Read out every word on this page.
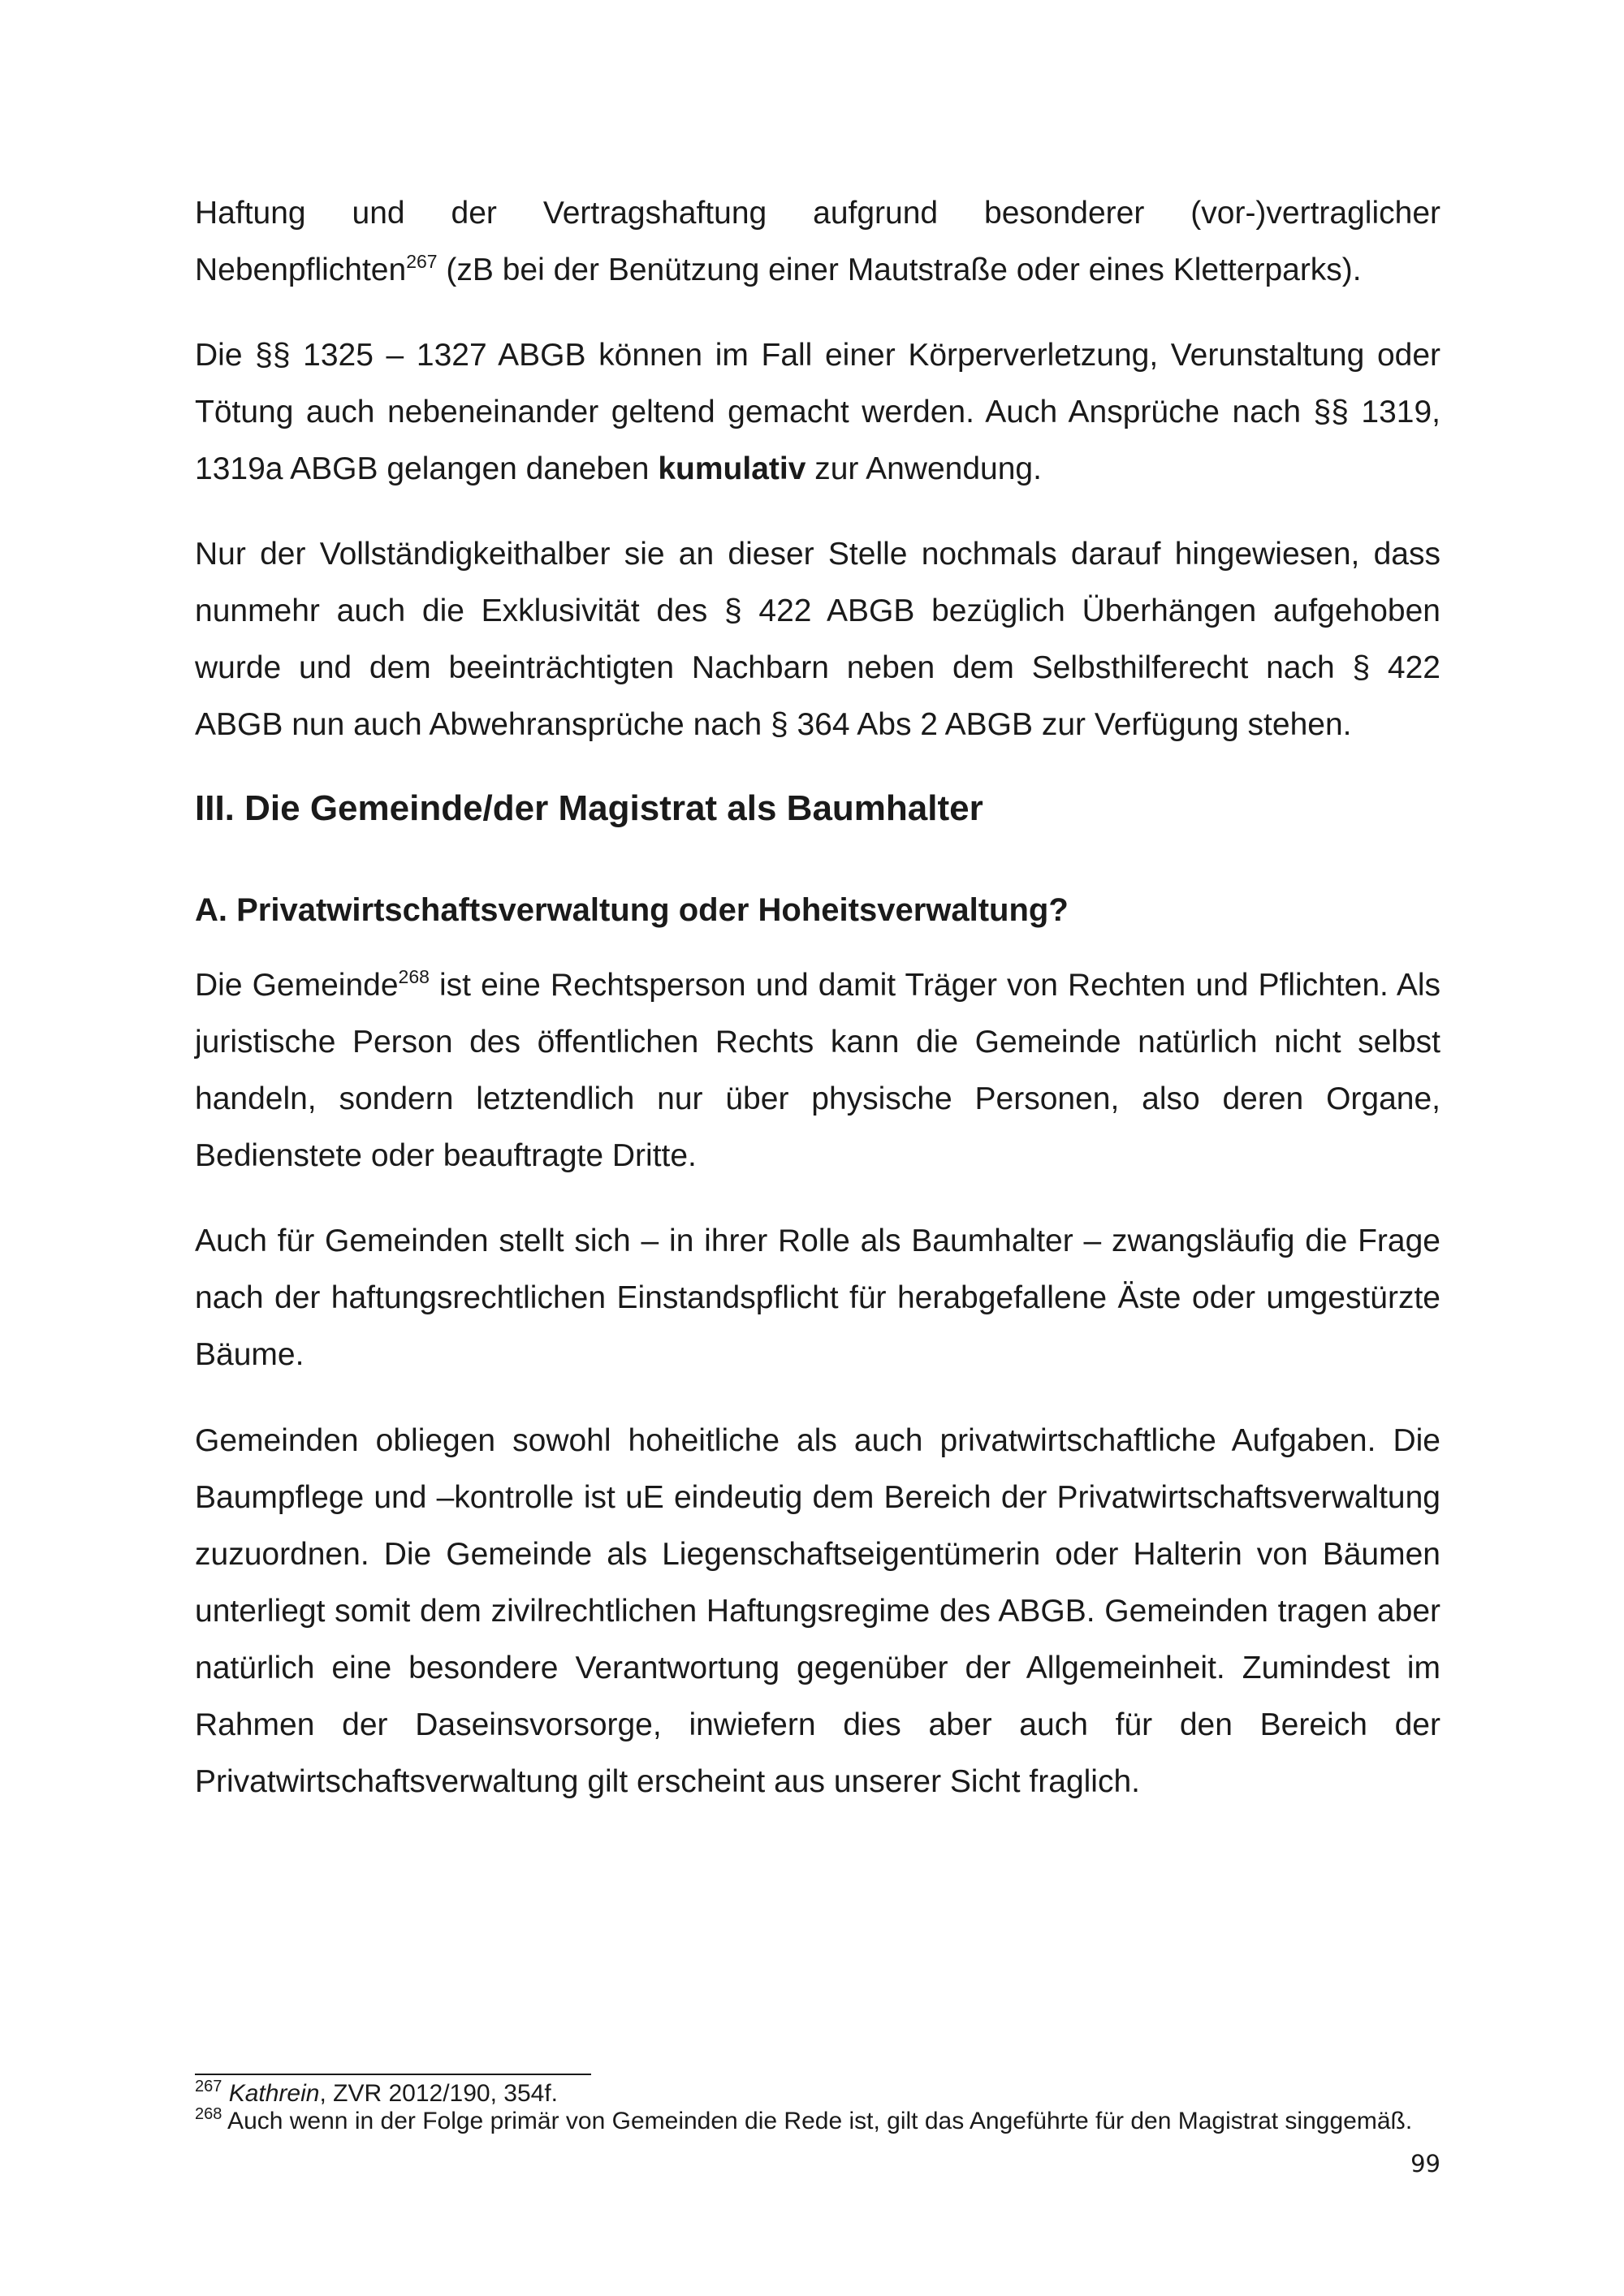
Haftung und der Vertragshaftung aufgrund besonderer (vor-)vertraglicher Nebenpflichten$^{267}$ (zB bei der Benützung einer Mautstraße oder eines Kletterparks).

Die §§ 1325 – 1327 ABGB können im Fall einer Körperverletzung, Verunstaltung oder Tötung auch nebeneinander geltend gemacht werden. Auch Ansprüche nach §§ 1319, 1319a ABGB gelangen daneben kumulativ zur Anwendung.

Nur der Vollständigkeithalber sie an dieser Stelle nochmals darauf hingewiesen, dass nunmehr auch die Exklusivität des § 422 ABGB bezüglich Überhängen aufgehoben wurde und dem beeinträchtigten Nachbarn neben dem Selbsthilferecht nach § 422 ABGB nun auch Abwehransprüche nach § 364 Abs 2 ABGB zur Verfügung stehen.

III. Die Gemeinde/der Magistrat als Baumhalter
A. Privatwirtschaftsverwaltung oder Hoheitsverwaltung?

Die Gemeinde$^{268}$ ist eine Rechtsperson und damit Träger von Rechten und Pflichten. Als juristische Person des öffentlichen Rechts kann die Gemeinde natürlich nicht selbst handeln, sondern letztendlich nur über physische Personen, also deren Organe, Bedienstete oder beauftragte Dritte.

Auch für Gemeinden stellt sich – in ihrer Rolle als Baumhalter – zwangsläufig die Frage nach der haftungsrechtlichen Einstandspflicht für herabgefallene Äste oder umgestürzte Bäume.

Gemeinden obliegen sowohl hoheitliche als auch privatwirtschaftliche Aufgaben. Die Baumpflege und –kontrolle ist uE eindeutig dem Bereich der Privatwirtschaftsverwaltung zuzuordnen. Die Gemeinde als Liegenschaftseigentümerin oder Halterin von Bäumen unterliegt somit dem zivilrechtlichen Haftungsregime des ABGB. Gemeinden tragen aber natürlich eine besondere Verantwortung gegenüber der Allgemeinheit. Zumindest im Rahmen der Daseinsvorsorge, inwiefern dies aber auch für den Bereich der Privatwirtschaftsverwaltung gilt erscheint aus unserer Sicht fraglich.

$^{267}$ Kathrein, ZVR 2012/190, 354f.

$^{268}$ Auch wenn in der Folge primär von Gemeinden die Rede ist, gilt das Angeführte für den Magistrat singgemäß.

99
